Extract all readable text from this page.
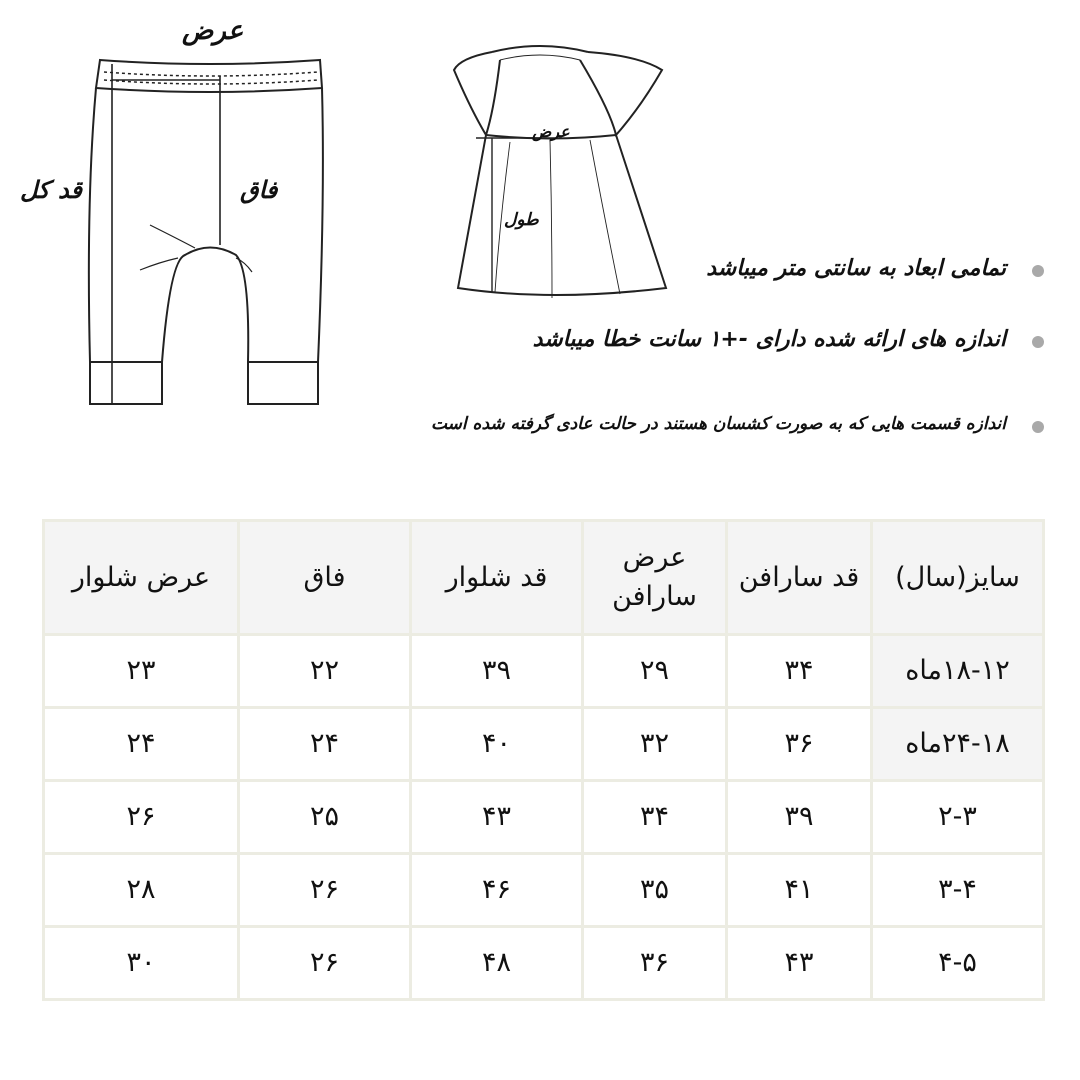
عرض
قد کل	فاق
عرض
طول
تمامی ابعاد به سانتی متر میباشد
اندازه های ارائه شده دارای -+۱ سانت خطا میباشد
اندازه قسمت هایی که به صورت کشسان هستند در حالت عادی گرفته شده است
سایز(سال)	قد سارافن	عرض سارافن	قد شلوار	فاق	عرض شلوار
۱۸-۱۲ماه	۳۴	۲۹	۳۹	۲۲	۲۳
۲۴-۱۸ماه	۳۶	۳۲	۴۰	۲۴	۲۴
۲-۳	۳۹	۳۴	۴۳	۲۵	۲۶
۳-۴	۴۱	۳۵	۴۶	۲۶	۲۸
۴-۵	۴۳	۳۶	۴۸	۲۶	۳۰
